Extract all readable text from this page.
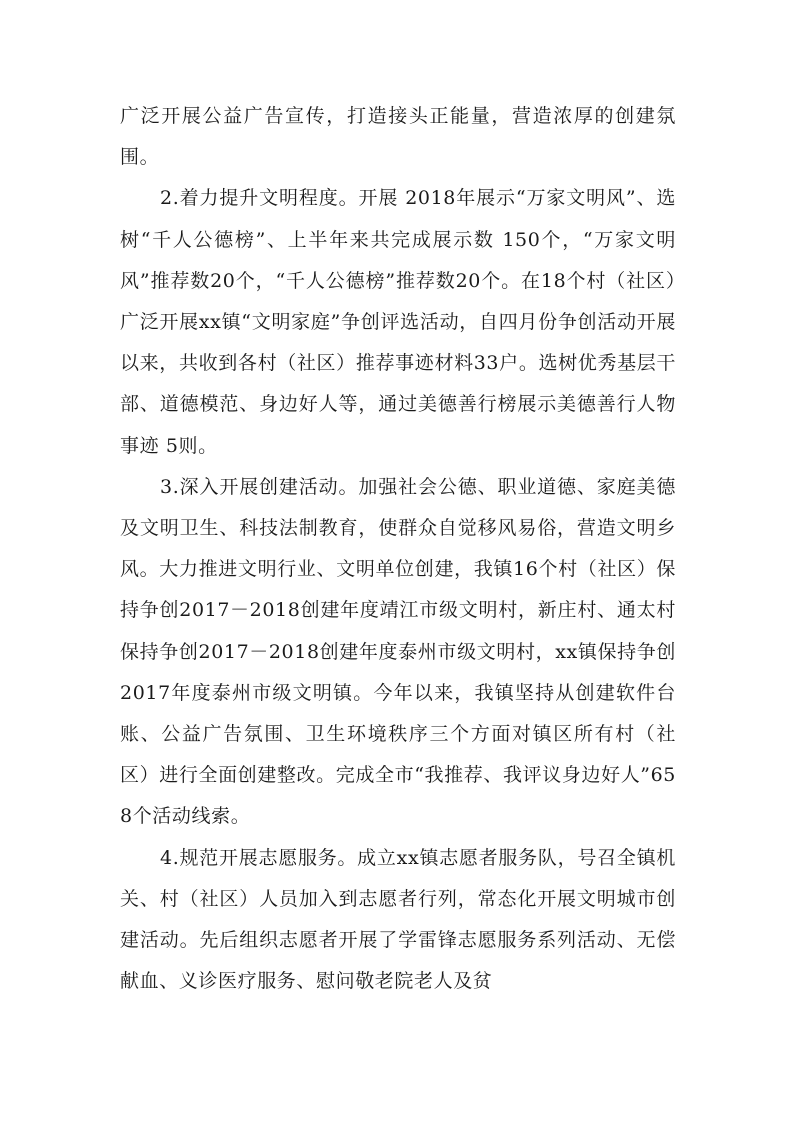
广泛开展公益广告宣传，打造接头正能量，营造浓厚的创建氛围。

2.着力提升文明程度。开展 2018年展示“万家文明风”、选树“千人公德榜”、上半年来共完成展示数 150个，“万家文明风”推荐数20个，“千人公德榜”推荐数20个。在18个村（社区）广泛开展xx镇“文明家庭”争创评选活动，自四月份争创活动开展以来，共收到各村（社区）推荐事迹材料33户。选树优秀基层干部、道德模范、身边好人等，通过美德善行榜展示美德善行人物事迹 5则。

3.深入开展创建活动。加强社会公德、职业道德、家庭美德及文明卫生、科技法制教育，使群众自觉移风易俗，营造文明乡风。大力推进文明行业、文明单位创建，我镇16个村（社区）保持争创2017－2018创建年度靖江市级文明村，新庄村、通太村保持争创2017－2018创建年度泰州市级文明村，xx镇保持争创2017年度泰州市级文明镇。今年以来，我镇坚持从创建软件台账、公益广告氛围、卫生环境秩序三个方面对镇区所有村（社区）进行全面创建整改。完成全市“我推荐、我评议身边好人”658个活动线索。

4.规范开展志愿服务。成立xx镇志愿者服务队，号召全镇机关、村（社区）人员加入到志愿者行列，常态化开展文明城市创建活动。先后组织志愿者开展了学雷锋志愿服务系列活动、无偿献血、义诊医疗服务、慰问敬老院老人及贫
